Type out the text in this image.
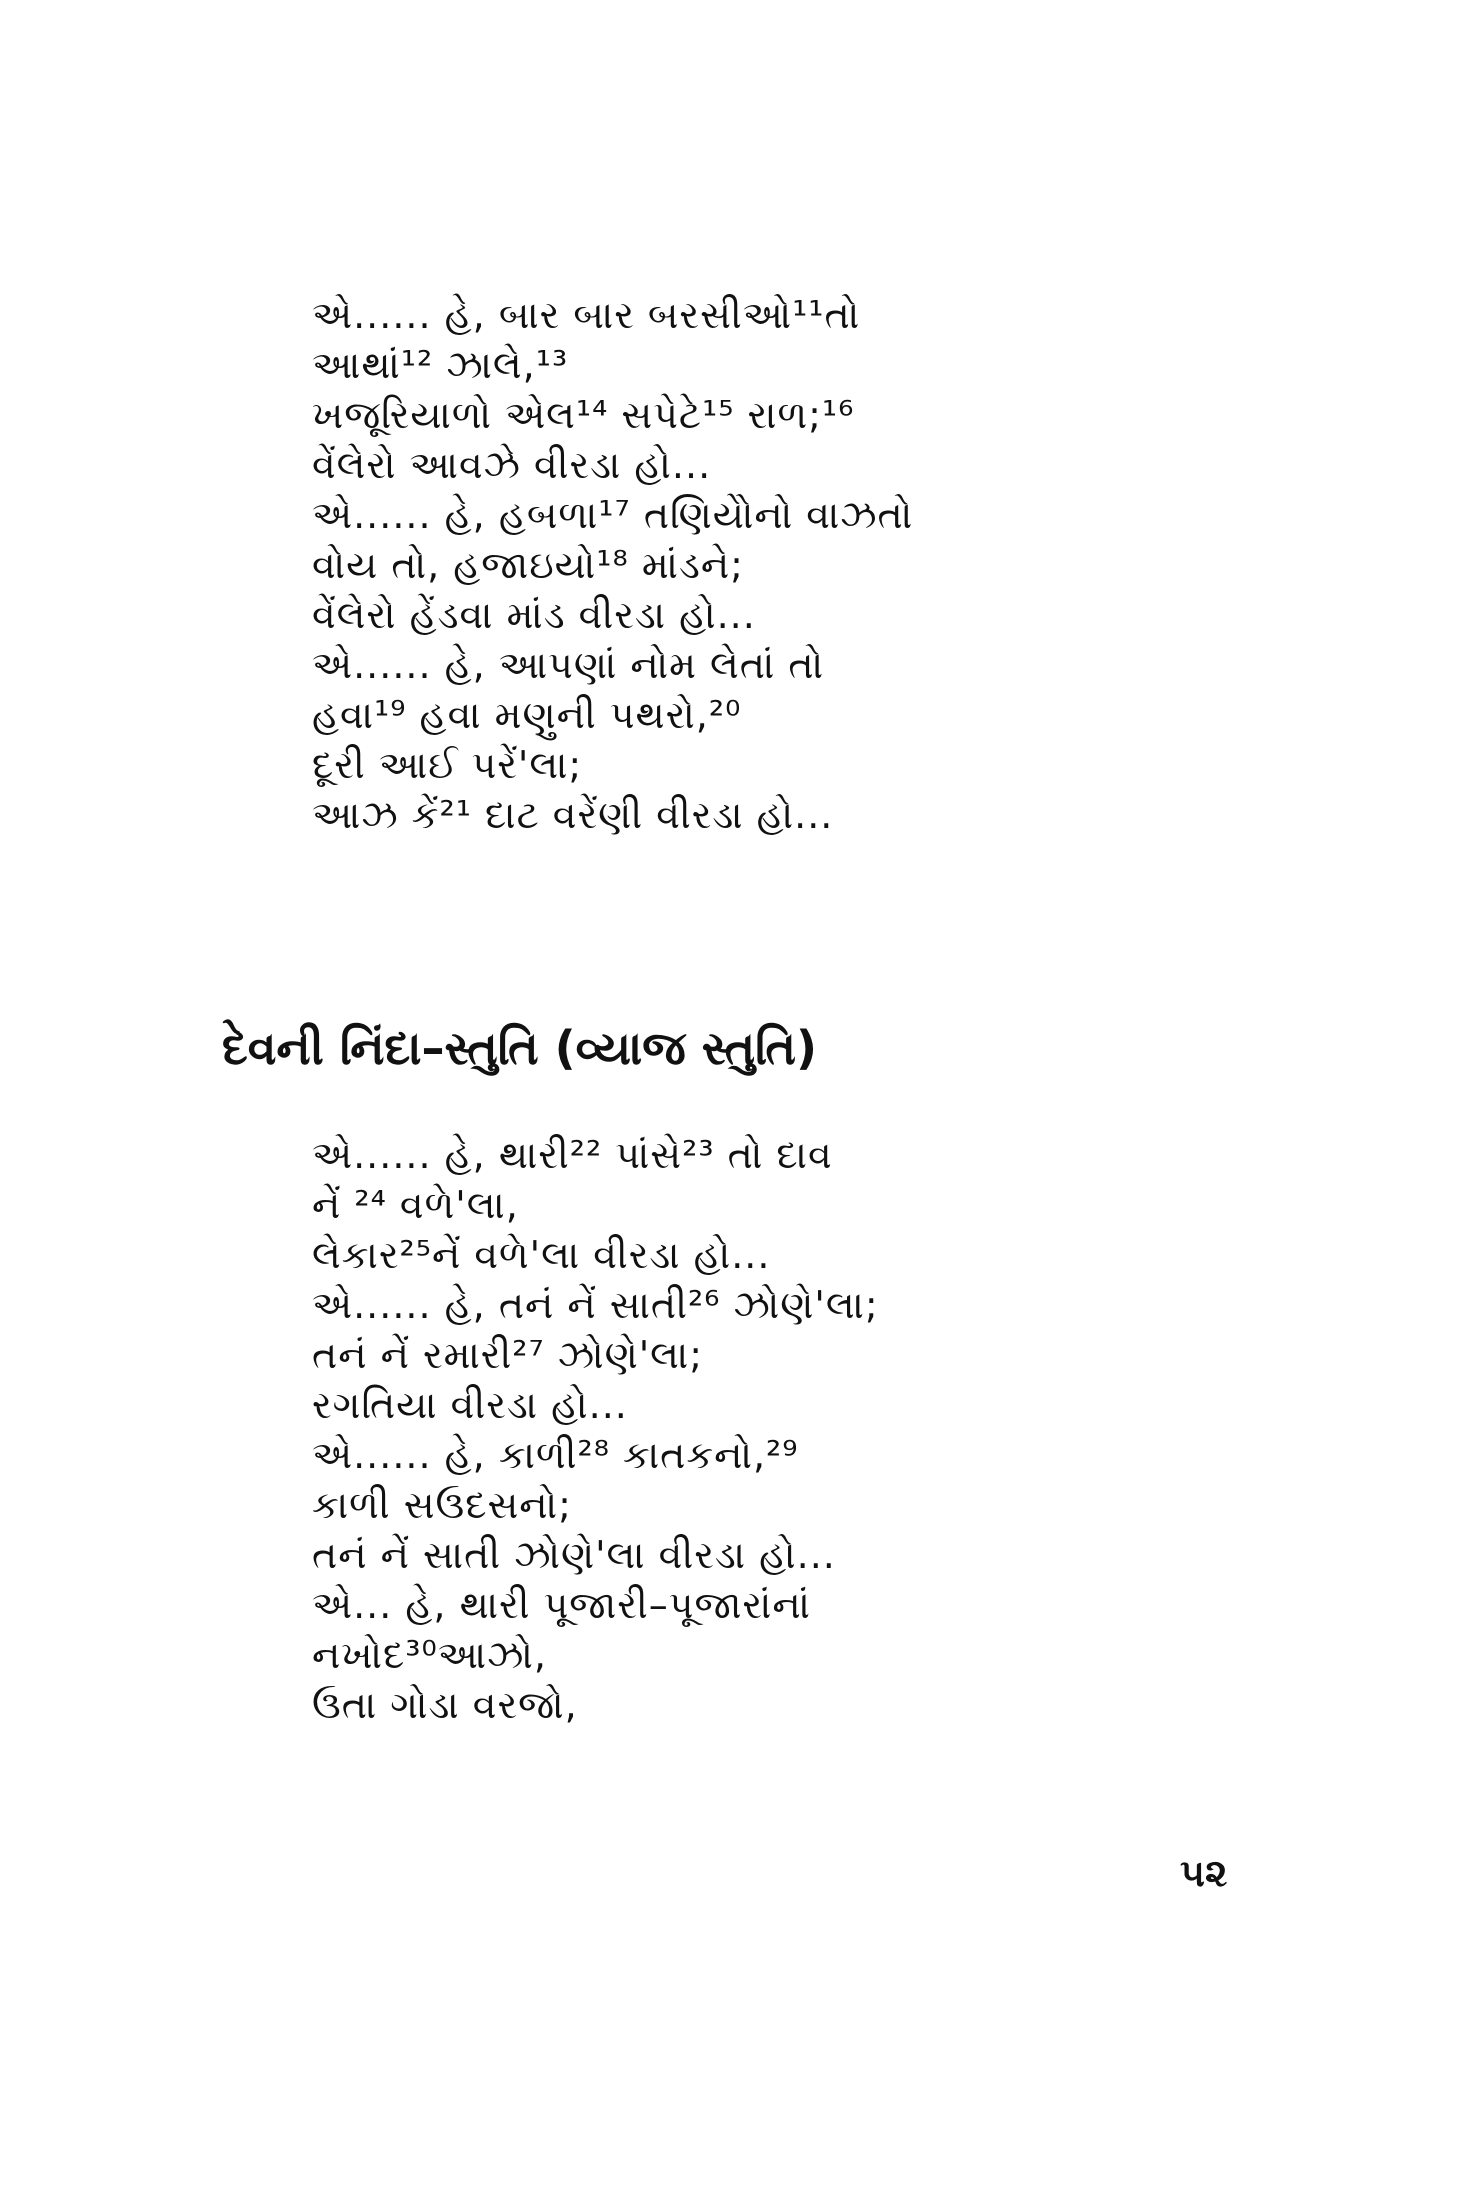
એ...... હે, બાર બાર બરસીઓ¹¹તો

આથાં¹² ઝાલે,¹³

ખજૂરિયાળો એલ¹⁴ સપેટે¹⁵ રાળ;¹⁶

વેંલેરો આવઝે વીરડા હો...

એ...... હે, હબળા¹⁷ તણિયેોનો વાઝતો

વોય તો, હજાઇયો¹⁸ માંડને;

વેંલેરો હેંડવા માંડ વીરડા હો...

એ...... હે, આપણાં નોમ લેતાં તો

હવા¹⁹ હવા મણુની પથરો,²⁰

દૂરી આઈ પરેં'લા;

આઝ કેં²¹ દાટ વરેંણી વીરડા હો...

દેવની નિંદા–સ્તુતિ (વ્યાજ સ્તુતિ)

એ...... હે, થારી²² પાંસે²³ તો દાવ

નેં ²⁴ વળે'લા,

લેકાર²⁵નેં વળે'લા વીરડા હો...

એ...... હે, તનં નેં સાતી²⁶ ઝોણે'લા;

તનં નેં રમારી²⁷ ઝોણે'લા;

રગતિયા વીરડા હો...

એ...... હે, કાળી²⁸ કાતકનો,²⁹

કાળી સઉદસનો;

તનં નેં સાતી ઝોણે'લા વીરડા હો...

એ... હે, થારી પૂજારી–પૂજારાંનાં

નખોદ³⁰આઝો,

ઉતા ગોડા વરજો,

૫૨
